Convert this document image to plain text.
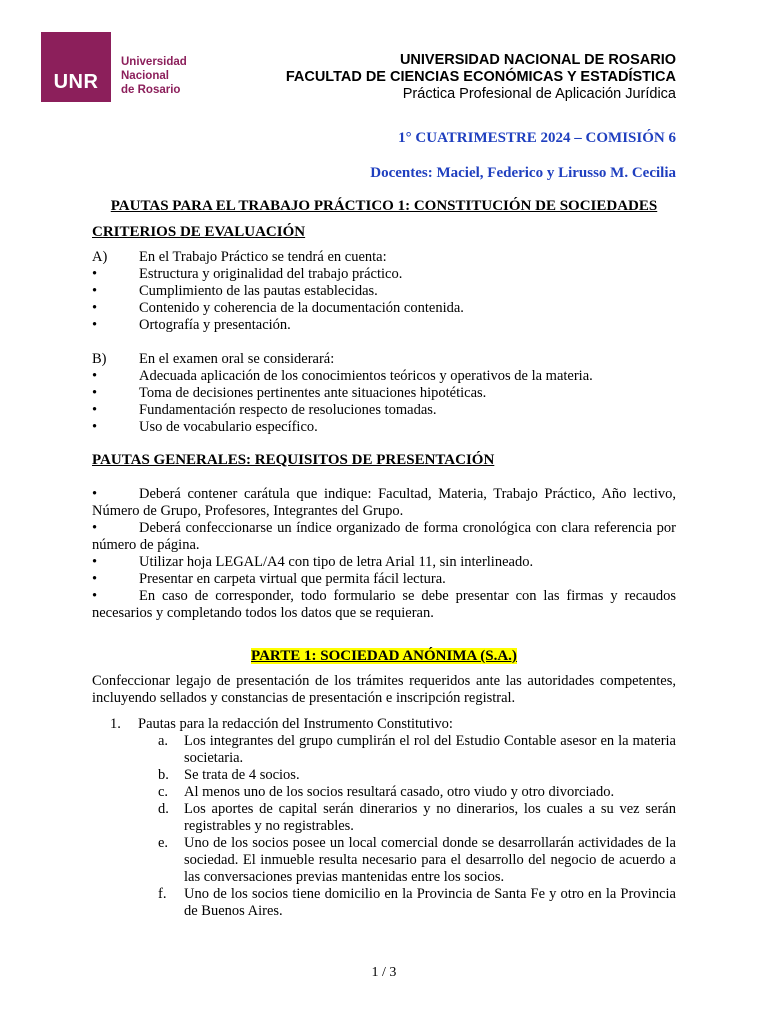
UNR
Universidad
Nacional
de Rosario
UNIVERSIDAD NACIONAL DE ROSARIO
FACULTAD DE CIENCIAS ECONÓMICAS Y ESTADÍSTICA
Práctica Profesional de Aplicación Jurídica
1° CUATRIMESTRE 2024 – COMISIÓN 6
Docentes: Maciel, Federico y Lirusso M. Cecilia
PAUTAS PARA EL TRABAJO PRÁCTICO 1: CONSTITUCIÓN DE SOCIEDADES
CRITERIOS DE EVALUACIÓN
A)	En el Trabajo Práctico se tendrá en cuenta:
•	Estructura y originalidad del trabajo práctico.
•	Cumplimiento de las pautas establecidas.
•	Contenido y coherencia de la documentación contenida.
•	Ortografía y presentación.
B)	En el examen oral se considerará:
•	Adecuada aplicación de los conocimientos teóricos y operativos de la materia.
•	Toma de decisiones pertinentes ante situaciones hipotéticas.
•	Fundamentación respecto de resoluciones tomadas.
•	Uso de vocabulario específico.
PAUTAS GENERALES: REQUISITOS DE PRESENTACIÓN
•	Deberá contener carátula que indique: Facultad, Materia, Trabajo Práctico, Año lectivo, Número de Grupo, Profesores, Integrantes del Grupo.
•	Deberá confeccionarse un índice organizado de forma cronológica con clara referencia por número de página.
•	Utilizar hoja LEGAL/A4 con tipo de letra Arial 11, sin interlineado.
•	Presentar en carpeta virtual que permita fácil lectura.
•	En caso de corresponder, todo formulario se debe presentar con las firmas y recaudos necesarios y completando todos los datos que se requieran.
PARTE 1: SOCIEDAD ANÓNIMA (S.A.)
Confeccionar legajo de presentación de los trámites requeridos ante las autoridades competentes, incluyendo sellados y constancias de presentación e inscripción registral.
1. Pautas para la redacción del Instrumento Constitutivo:
a.	Los integrantes del grupo cumplirán el rol del Estudio Contable asesor en la materia societaria.
b.	Se trata de 4 socios.
c.	Al menos uno de los socios resultará casado, otro viudo y otro divorciado.
d.	Los aportes de capital serán dinerarios y no dinerarios, los cuales a su vez serán registrables y no registrables.
e.	Uno de los socios posee un local comercial donde se desarrollarán actividades de la sociedad. El inmueble resulta necesario para el desarrollo del negocio de acuerdo a las conversaciones previas mantenidas entre los socios.
f.	Uno de los socios tiene domicilio en la Provincia de Santa Fe y otro en la Provincia de Buenos Aires.
1 / 3
